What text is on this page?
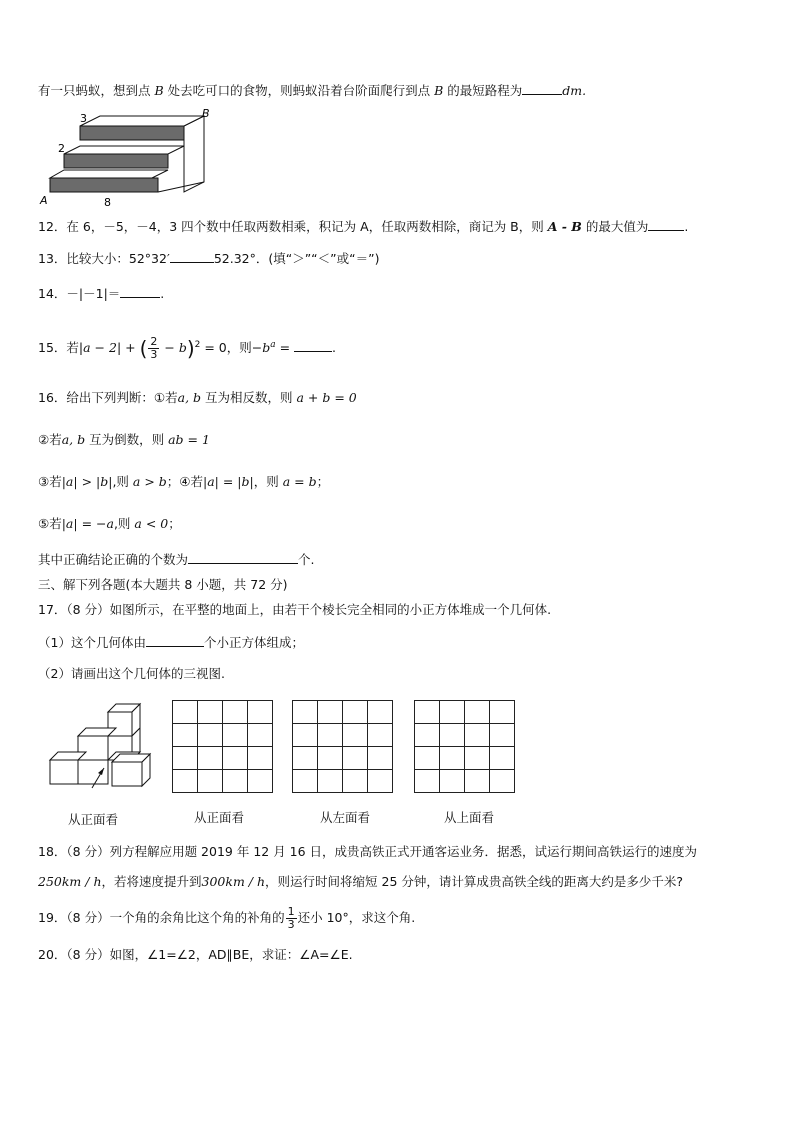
有一只蚂蚁，想到点 B 处去吃可口的食物，则蚂蚁沿着台阶面爬行到点 B 的最短路程为	dm.
3
2
8
A
B
12．在 6，－5，－4，3 四个数中任取两数相乘，积记为 A，任取两数相除，商记为 B，则 A - B 的最大值为	.
13．比较大小：52°32′	52.32°．(填“＞”“＜”或“＝”)
14．－|－1|＝	.
15．若|a − 2| + ( $\frac{2}{3} - b)^2 = 0$，则$-b^a$ =	.
16．给出下列判断：①若a, b 互为相反数，则 a + b = 0
②若a, b 互为倒数，则 ab = 1
③若|a| > |b|,则 a > b；④若|a| = |b|，则 a = b；
⑤若|a| = −a,则 a < 0；
其中正确结论正确的个数为	个.
三、解下列各题(本大题共 8 小题，共 72 分)
17．（8 分）如图所示，在平整的地面上，由若干个棱长完全相同的小正方体堆成一个几何体.
（1）这个几何体由	个小正方体组成；
（2）请画出这个几何体的三视图.

从正面看	从正面看	从左面看	从上面看
18．（8 分）列方程解应用题 2019 年 12 月 16 日，成贵高铁正式开通客运业务．据悉，试运行期间高铁运行的速度为
250km / h，若将速度提升到300km / h，则运行时间将缩短 25 分钟，请计算成贵高铁全线的距离大约是多少千米?
19．（8 分）一个角的余角比这个角的补角的 $\frac{1}{3}$ 还小 10°，求这个角.
20．（8 分）如图，∠1=∠2，AD∥BE，求证：∠A=∠E.
